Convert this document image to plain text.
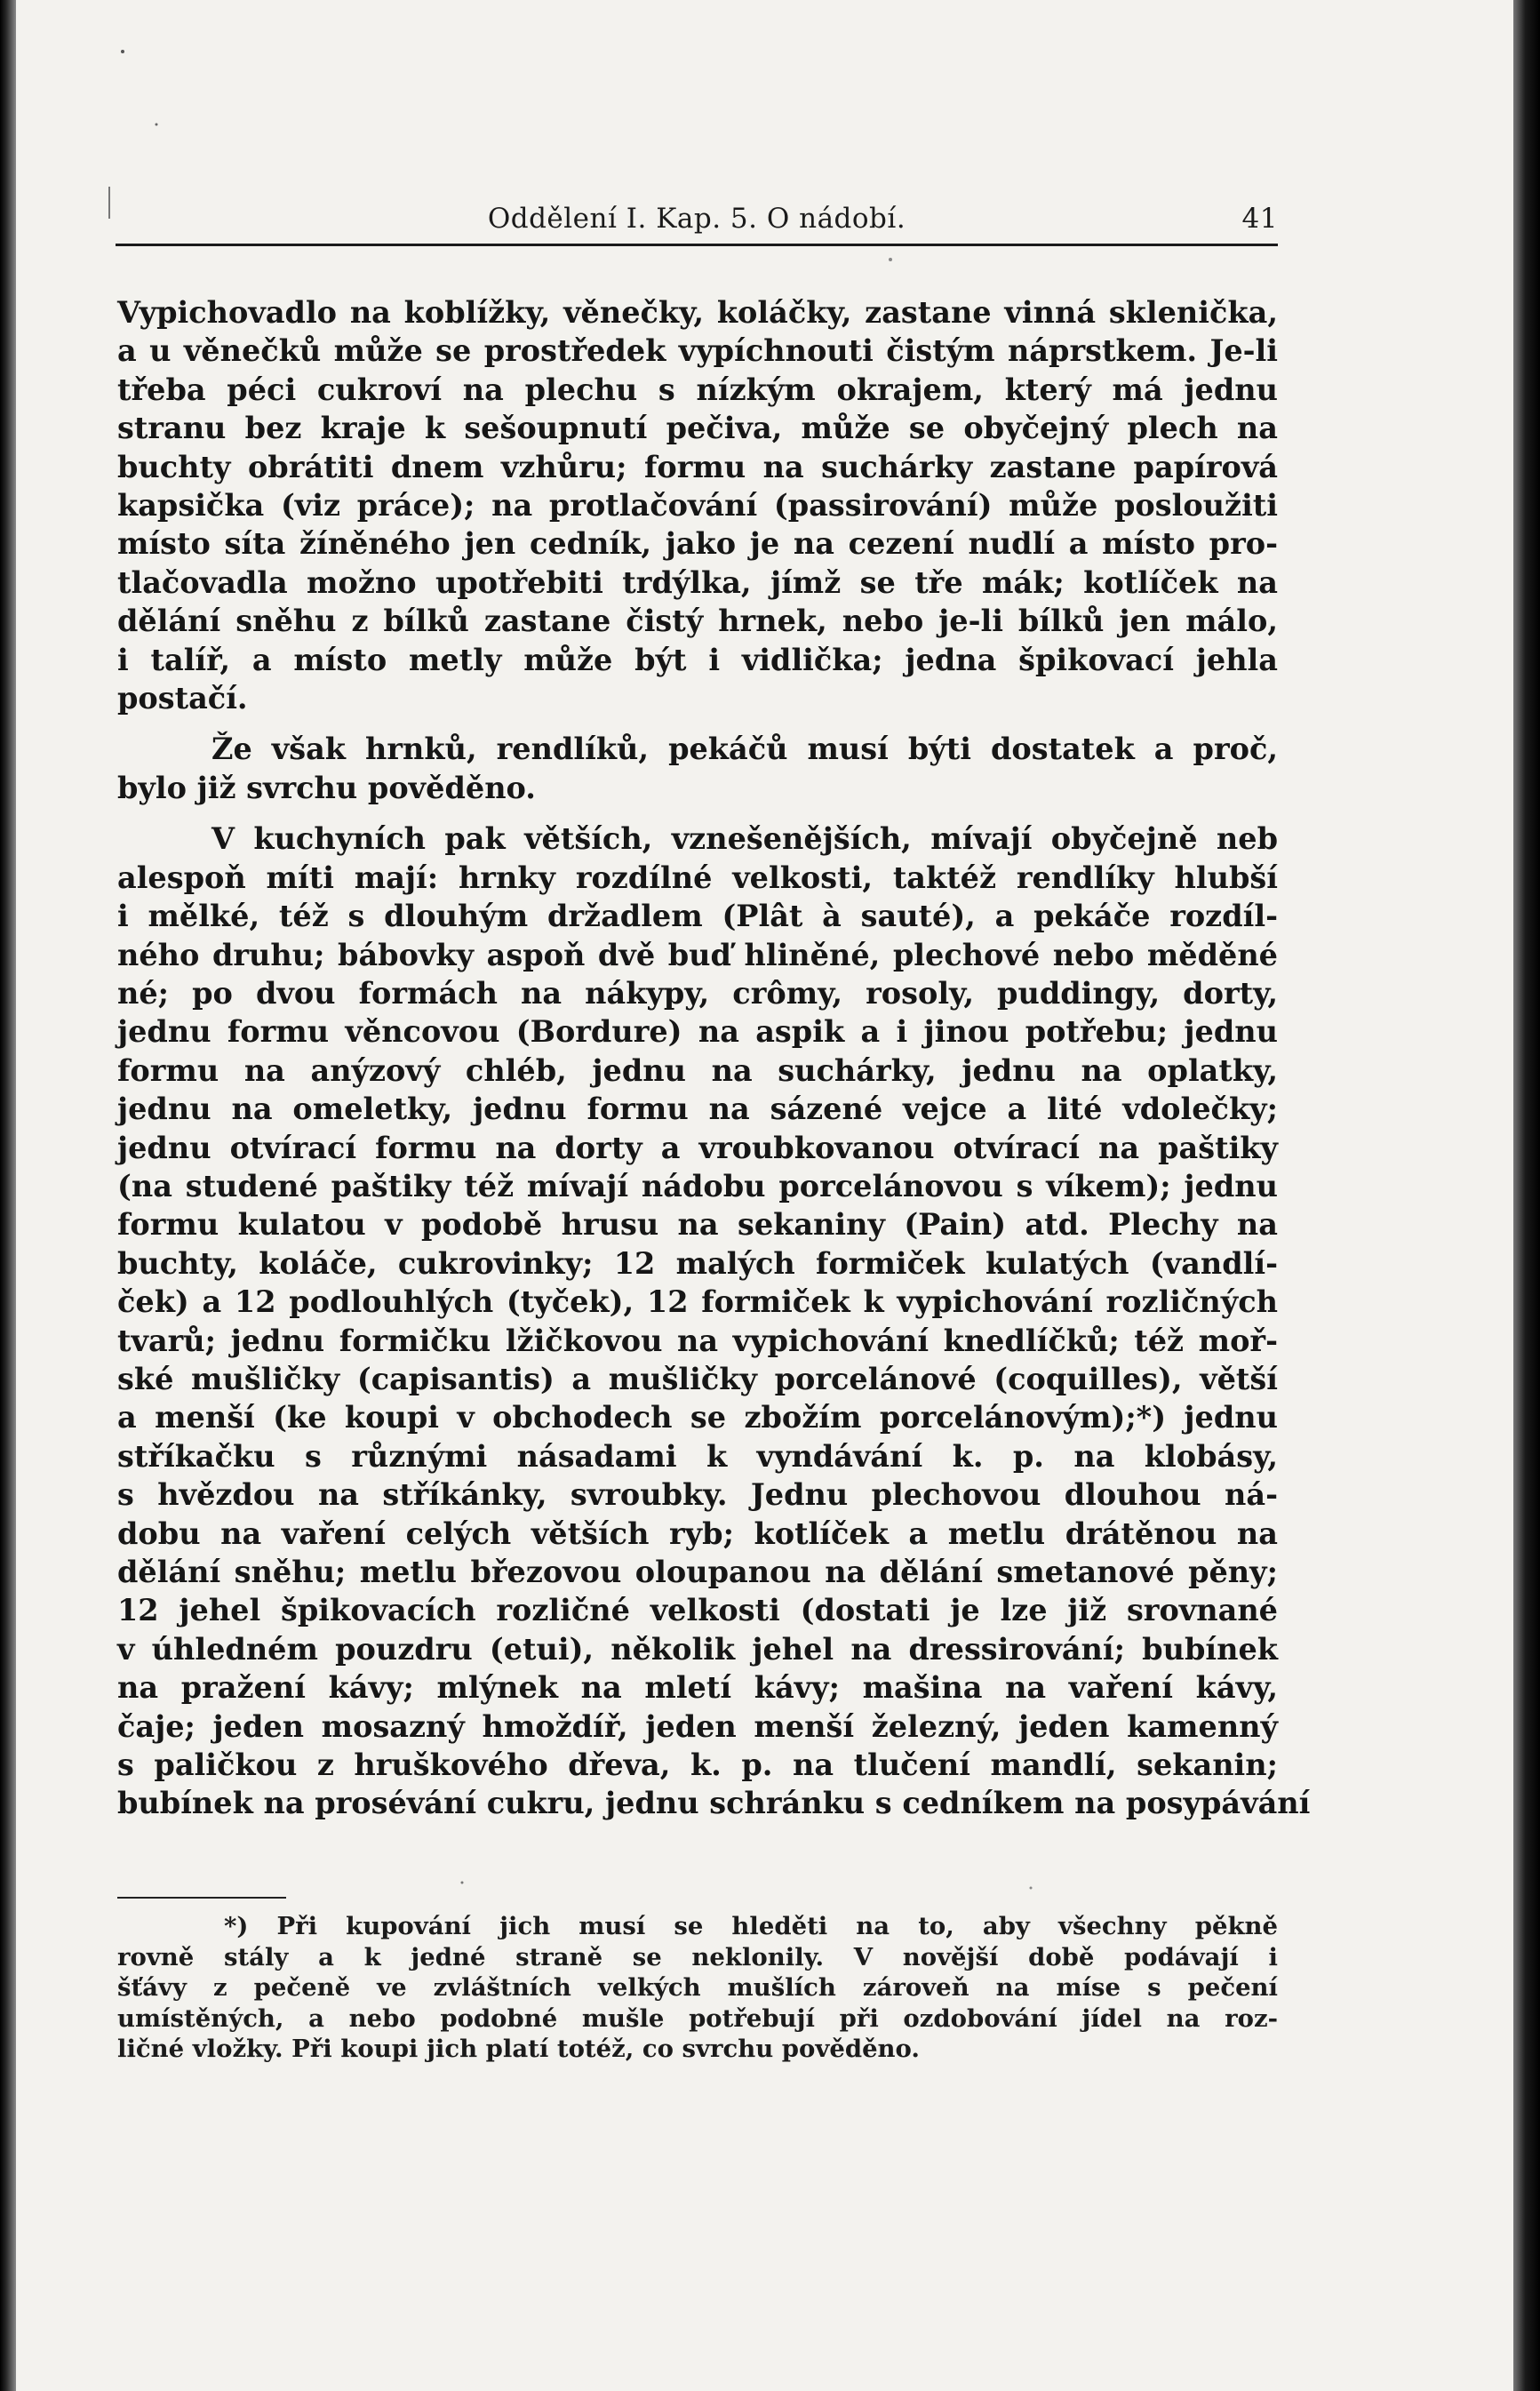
Oddělení I. Kap. 5. O nádobí.	41

Vypichovadlo na koblížky, věnečky, koláčky, zastane vinná sklenička,
a u věnečků může se prostředek vypíchnouti čistým náprstkem. Je-li
třeba péci cukroví na plechu s nízkým okrajem, který má jednu
stranu bez kraje k sešoupnutí pečiva, může se obyčejný plech na
buchty obrátiti dnem vzhůru; formu na suchárky zastane papírová
kapsička (viz práce); na protlačování (passirování) může posloužiti
místo síta žíněného jen cedník, jako je na cezení nudlí a místo pro-
tlačovadla možno upotřebiti trdýlka, jímž se tře mák; kotlíček na
dělání sněhu z bílků zastane čistý hrnek, nebo je-li bílků jen málo,
i talíř, a místo metly může být i vidlička; jedna špikovací jehla
postačí.

Že však hrnků, rendlíků, pekáčů musí býti dostatek a proč,
bylo již svrchu pověděno.

V kuchyních pak větších, vznešenějších, mívají obyčejně neb
alespoň míti mají: hrnky rozdílné velkosti, taktéž rendlíky hlubší
i mělké, též s dlouhým držadlem (Plât à sauté), a pekáče rozdíl-
ného druhu; bábovky aspoň dvě buď hliněné, plechové nebo měděné
né; po dvou formách na nákypy, crômy, rosoly, puddingy, dorty,
jednu formu věncovou (Bordure) na aspik a i jinou potřebu; jednu
formu na anýzový chléb, jednu na suchárky, jednu na oplatky,
jednu na omeletky, jednu formu na sázené vejce a lité vdolečky;
jednu otvírací formu na dorty a vroubkovanou otvírací na paštiky
(na studené paštiky též mívají nádobu porcelánovou s víkem); jednu
formu kulatou v podobě hrusu na sekaniny (Pain) atd. Plechy na
buchty, koláče, cukrovinky; 12 malých formiček kulatých (vandlí-
ček) a 12 podlouhlých (tyček), 12 formiček k vypichování rozličných
tvarů; jednu formičku lžičkovou na vypichování knedlíčků; též moř-
ské mušličky (capisantis) a mušličky porcelánové (coquilles), větší
a menší (ke koupi v obchodech se zbožím porcelánovým);*) jednu
stříkačku s různými násadami k vyndávání k. p. na klobásy,
s hvězdou na stříkánky, svroubky. Jednu plechovou dlouhou ná-
dobu na vaření celých větších ryb; kotlíček a metlu drátěnou na
dělání sněhu; metlu březovou oloupanou na dělání smetanové pěny;
12 jehel špikovacích rozličné velkosti (dostati je lze již srovnané
v úhledném pouzdru (etui), několik jehel na dressirování; bubínek
na pražení kávy; mlýnek na mletí kávy; mašina na vaření kávy,
čaje; jeden mosazný hmoždíř, jeden menší železný, jeden kamenný
s paličkou z hruškového dřeva, k. p. na tlučení mandlí, sekanin;
bubínek na prosévání cukru, jednu schránku s cedníkem na posypávání

*) Při kupování jich musí se hleděti na to, aby všechny pěkně
rovně stály a k jedné straně se neklonily. V novější době podávají i
šťávy z pečeně ve zvláštních velkých mušlích zároveň na míse s pečení
umístěných, a nebo podobné mušle potřebují při ozdobování jídel na roz-
ličné vložky. Při koupi jich platí totéž, co svrchu pověděno.
